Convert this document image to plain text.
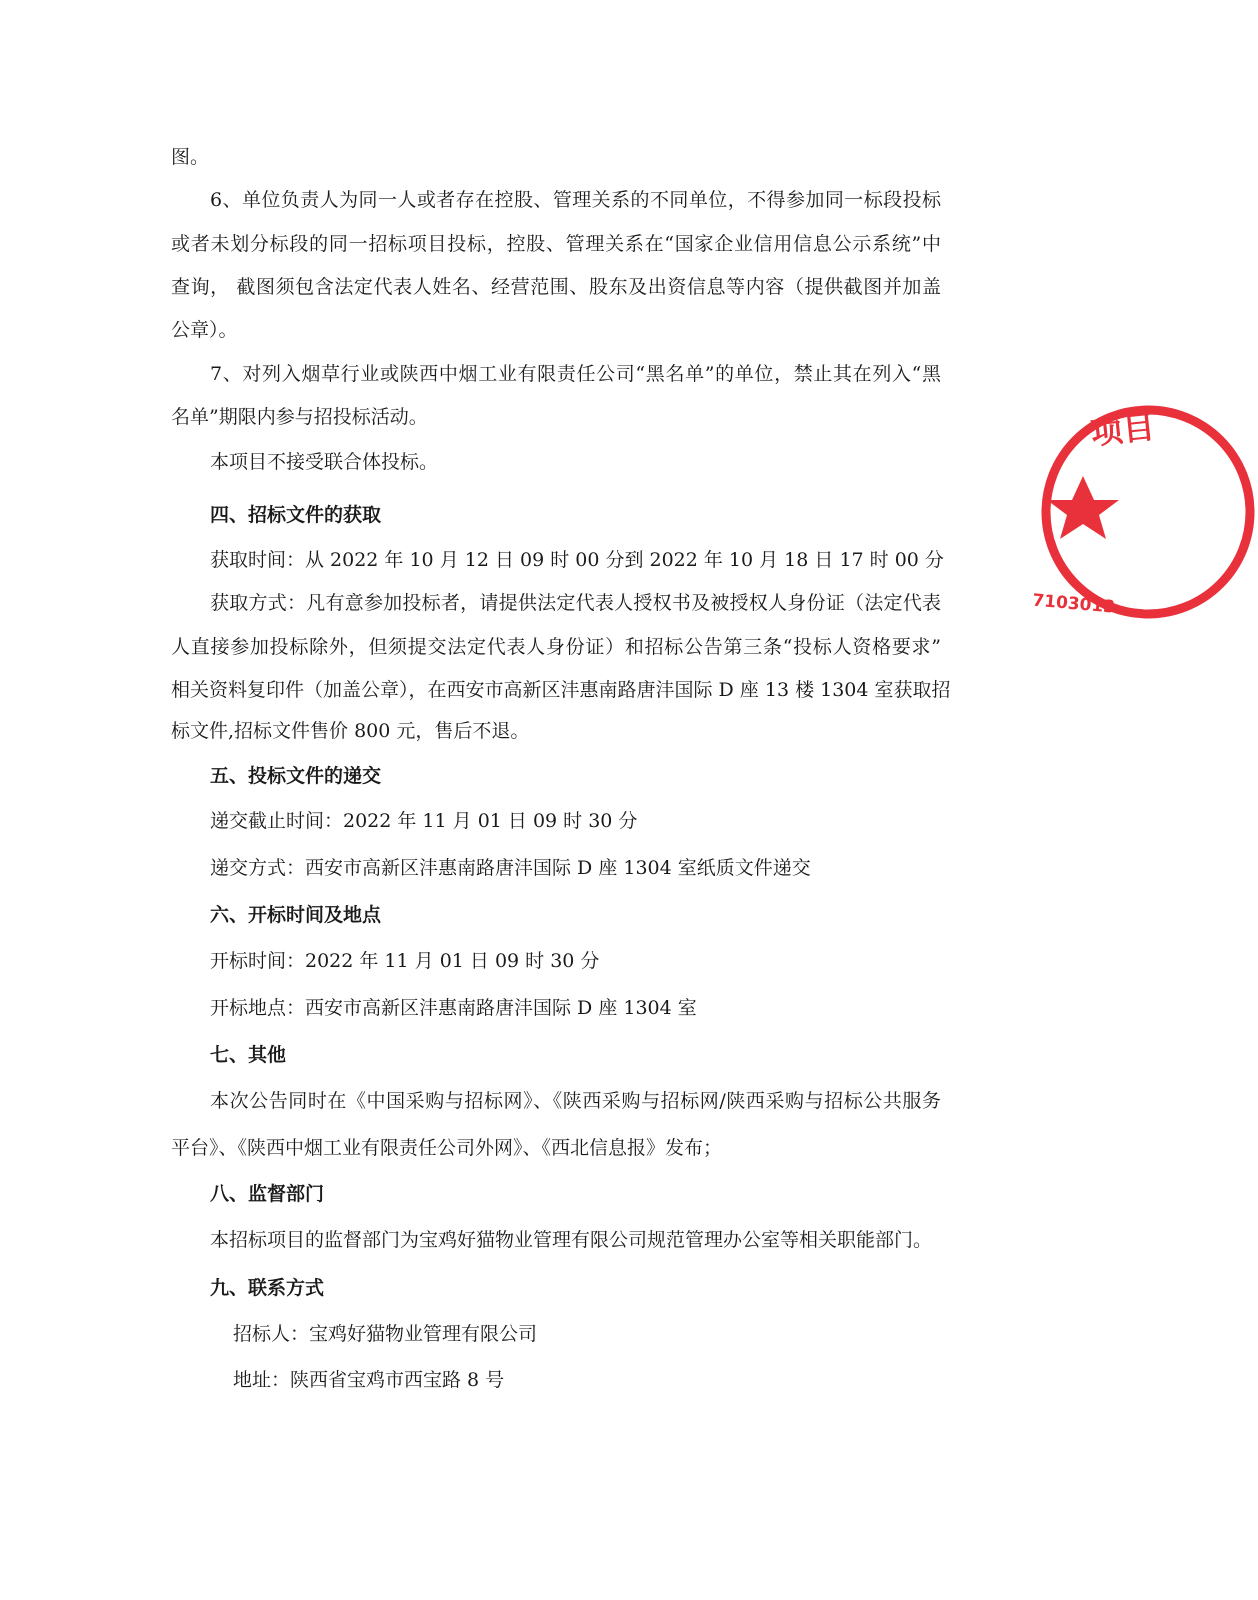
图。

6、单位负责人为同一人或者存在控股、管理关系的不同单位，不得参加同一标段投标

或者未划分标段的同一招标项目投标，控股、管理关系在“国家企业信用信息公示系统”中

查询， 截图须包含法定代表人姓名、经营范围、股东及出资信息等内容（提供截图并加盖

公章）。

7、对列入烟草行业或陕西中烟工业有限责任公司“黑名单”的单位，禁止其在列入“黑

名单”期限内参与招投标活动。

本项目不接受联合体投标。

四、招标文件的获取

获取时间：从 2022 年 10 月 12 日 09 时 00 分到 2022 年 10 月 18 日 17 时 00 分

获取方式：凡有意参加投标者，请提供法定代表人授权书及被授权人身份证（法定代表

人直接参加投标除外，但须提交法定代表人身份证）和招标公告第三条“投标人资格要求”

相关资料复印件（加盖公章），在西安市高新区沣惠南路唐沣国际 D 座 13 楼 1304 室获取招

标文件,招标文件售价 800 元，售后不退。

五、投标文件的递交

递交截止时间：2022 年 11 月 01 日 09 时 30 分

递交方式：西安市高新区沣惠南路唐沣国际 D 座 1304 室纸质文件递交

六、开标时间及地点

开标时间：2022 年 11 月 01 日 09 时 30 分

开标地点：西安市高新区沣惠南路唐沣国际 D 座 1304 室

七、其他

本次公告同时在《中国采购与招标网》、《陕西采购与招标网/陕西采购与招标公共服务

平台》、《陕西中烟工业有限责任公司外网》、《西北信息报》发布；

八、监督部门

本招标项目的监督部门为宝鸡好猫物业管理有限公司规范管理办公室等相关职能部门。

九、联系方式

招标人：宝鸡好猫物业管理有限公司

地址：陕西省宝鸡市西宝路 8 号

项目
7103013
